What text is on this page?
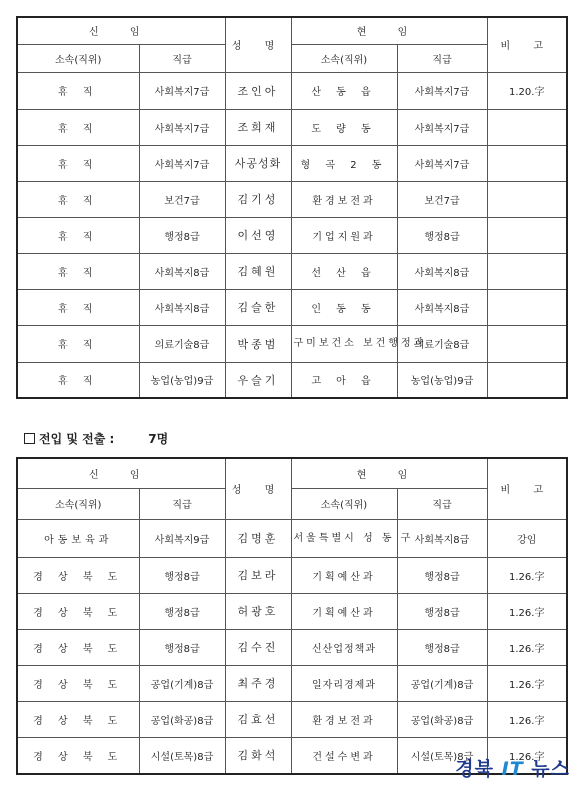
신 임		성 명	현 임		비 고
소속(직위)	직급		소속(직위)	직급	
휴 직	사회복지7급	조인아	산 동 읍	사회복지7급	1.20.字
휴 직	사회복지7급	조희재	도 량 동	사회복지7급	
휴 직	사회복지7급	사공성화	형 곡 2 동	사회복지7급	
휴 직	보건7급	김기성	환경보전과	보건7급	
휴 직	행정8급	이선영	기업지원과	행정8급	
휴 직	사회복지8급	김혜원	선 산 읍	사회복지8급	
휴 직	사회복지8급	김슬한	인 동 동	사회복지8급	
휴 직	의료기술8급	박종범	구미보건소 보건행정과	의료기술8급	
휴 직	농업(농업)9급	우슬기	고 아 읍	농업(농업)9급	
전입 및 전출 :	7명
신 임		성 명	현 임		비 고
소속(직위)	직급		소속(직위)	직급	
아동보육과	사회복지9급	김명훈	서울특별시 성 동 구	사회복지8급	강임
경 상 북 도	행정8급	김보라	기획예산과	행정8급	1.26.字
경 상 북 도	행정8급	허광호	기획예산과	행정8급	1.26.字
경 상 북 도	행정8급	김수진	신산업정책과	행정8급	1.26.字
경 상 북 도	공업(기계)8급	최주경	일자리경제과	공업(기계)8급	1.26.字
경 상 북 도	공업(화공)8급	김효선	환경보전과	공업(화공)8급	1.26.字
경 상 북 도	시설(토목)8급	김화석	건설수변과	시설(토목)8급	1.26.字
경북 IT 뉴스
